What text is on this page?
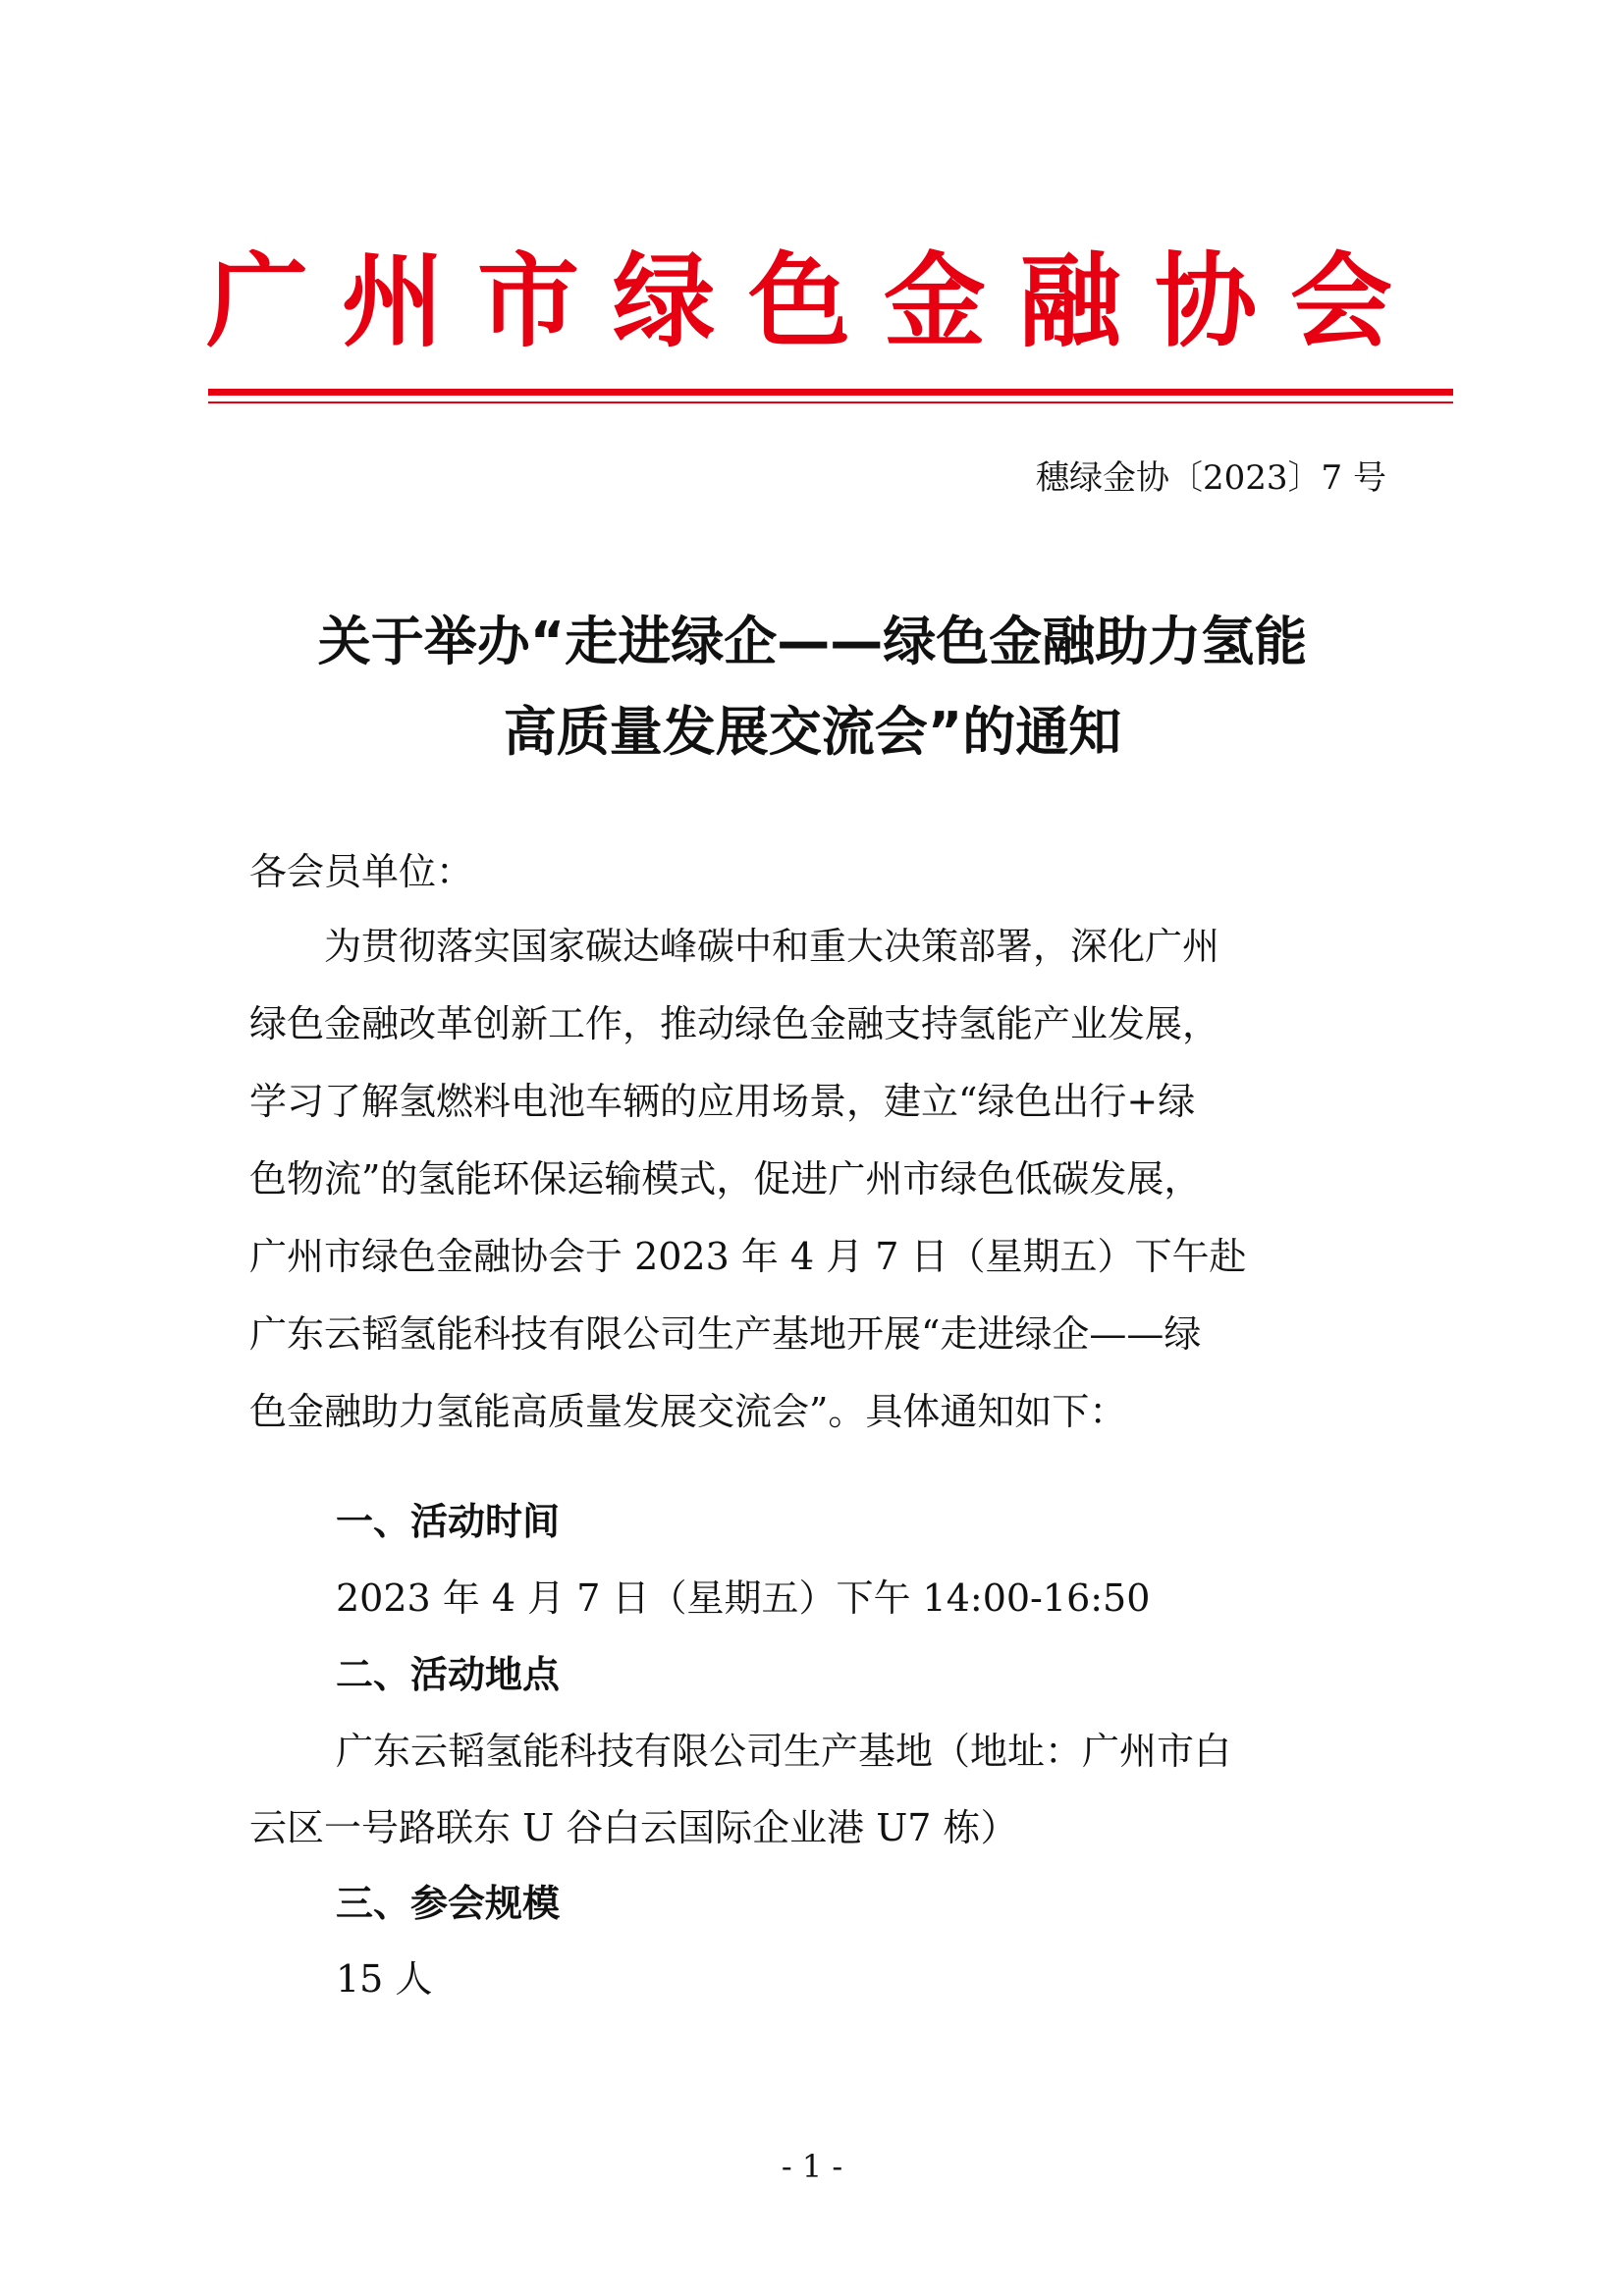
广州市绿色金融协会
穗绿金协〔2023〕7 号
关于举办“走进绿企——绿色金融助力氢能
高质量发展交流会”的通知
各会员单位：
　　为贯彻落实国家碳达峰碳中和重大决策部署，深化广州
绿色金融改革创新工作，推动绿色金融支持氢能产业发展，
学习了解氢燃料电池车辆的应用场景，建立“绿色出行+绿
色物流”的氢能环保运输模式，促进广州市绿色低碳发展，
广州市绿色金融协会于 2023 年 4 月 7 日（星期五）下午赴
广东云韬氢能科技有限公司生产基地开展“走进绿企——绿
色金融助力氢能高质量发展交流会”。具体通知如下：
一、活动时间
2023 年 4 月 7 日（星期五）下午 14:00-16:50
二、活动地点
广东云韬氢能科技有限公司生产基地（地址：广州市白
云区一号路联东 U 谷白云国际企业港 U7 栋）
三、参会规模
15 人
- 1 -
